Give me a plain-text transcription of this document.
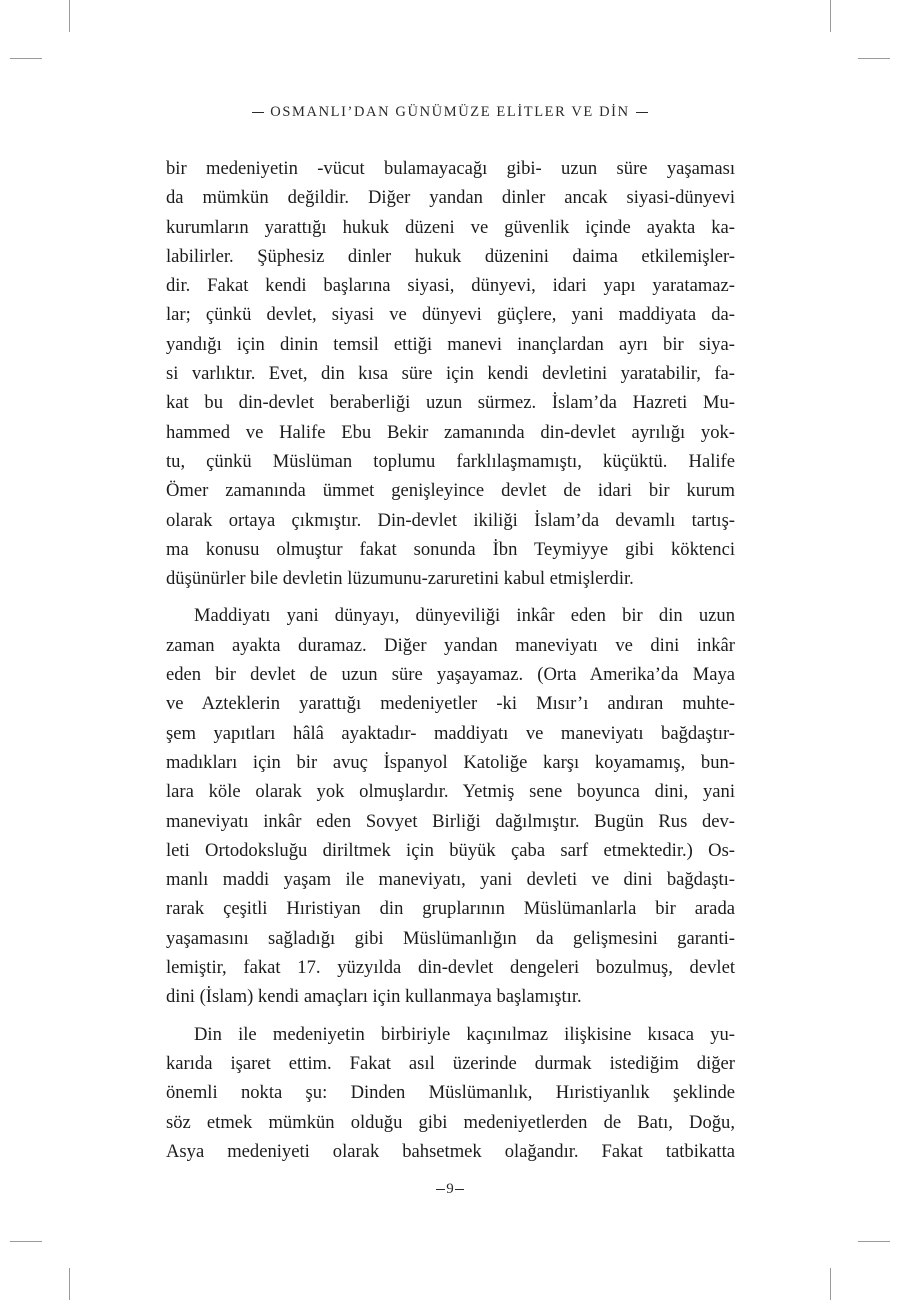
OSMANLI’DAN GÜNÜMÜZE ELİTLER VE DİN

bir medeniyetin -vücut bulamayacağı gibi- uzun süre yaşaması
da mümkün değildir. Diğer yandan dinler ancak siyasi-dünyevi
kurumların yarattığı hukuk düzeni ve güvenlik içinde ayakta ka-
labilirler. Şüphesiz dinler hukuk düzenini daima etkilemişler-
dir. Fakat kendi başlarına siyasi, dünyevi, idari yapı yaratamaz-
lar; çünkü devlet, siyasi ve dünyevi güçlere, yani maddiyata da-
yandığı için dinin temsil ettiği manevi inançlardan ayrı bir siya-
si varlıktır. Evet, din kısa süre için kendi devletini yaratabilir, fa-
kat bu din-devlet beraberliği uzun sürmez. İslam’da Hazreti Mu-
hammed ve Halife Ebu Bekir zamanında din-devlet ayrılığı yok-
tu, çünkü Müslüman toplumu farklılaşmamıştı, küçüktü. Halife
Ömer zamanında ümmet genişleyince devlet de idari bir kurum
olarak ortaya çıkmıştır. Din-devlet ikiliği İslam’da devamlı tartış-
ma konusu olmuştur fakat sonunda İbn Teymiyye gibi köktenci
düşünürler bile devletin lüzumunu-zaruretini kabul etmişlerdir.

Maddiyatı yani dünyayı, dünyeviliği inkâr eden bir din uzun
zaman ayakta duramaz. Diğer yandan maneviyatı ve dini inkâr
eden bir devlet de uzun süre yaşayamaz. (Orta Amerika’da Maya
ve Azteklerin yarattığı medeniyetler -ki Mısır’ı andıran muhte-
şem yapıtları hâlâ ayaktadır- maddiyatı ve maneviyatı bağdaştır-
madıkları için bir avuç İspanyol Katoliğe karşı koyamamış, bun-
lara köle olarak yok olmuşlardır. Yetmiş sene boyunca dini, yani
maneviyatı inkâr eden Sovyet Birliği dağılmıştır. Bugün Rus dev-
leti Ortodoksluğu diriltmek için büyük çaba sarf etmektedir.) Os-
manlı maddi yaşam ile maneviyatı, yani devleti ve dini bağdaştı-
rarak çeşitli Hıristiyan din gruplarının Müslümanlarla bir arada
yaşamasını sağladığı gibi Müslümanlığın da gelişmesini garanti-
lemiştir, fakat 17. yüzyılda din-devlet dengeleri bozulmuş, devlet
dini (İslam) kendi amaçları için kullanmaya başlamıştır.

Din ile medeniyetin birbiriyle kaçınılmaz ilişkisine kısaca yu-
karıda işaret ettim. Fakat asıl üzerinde durmak istediğim diğer
önemli nokta şu: Dinden Müslümanlık, Hıristiyanlık şeklinde
söz etmek mümkün olduğu gibi medeniyetlerden de Batı, Doğu,
Asya medeniyeti olarak bahsetmek olağandır. Fakat tatbikatta

9
